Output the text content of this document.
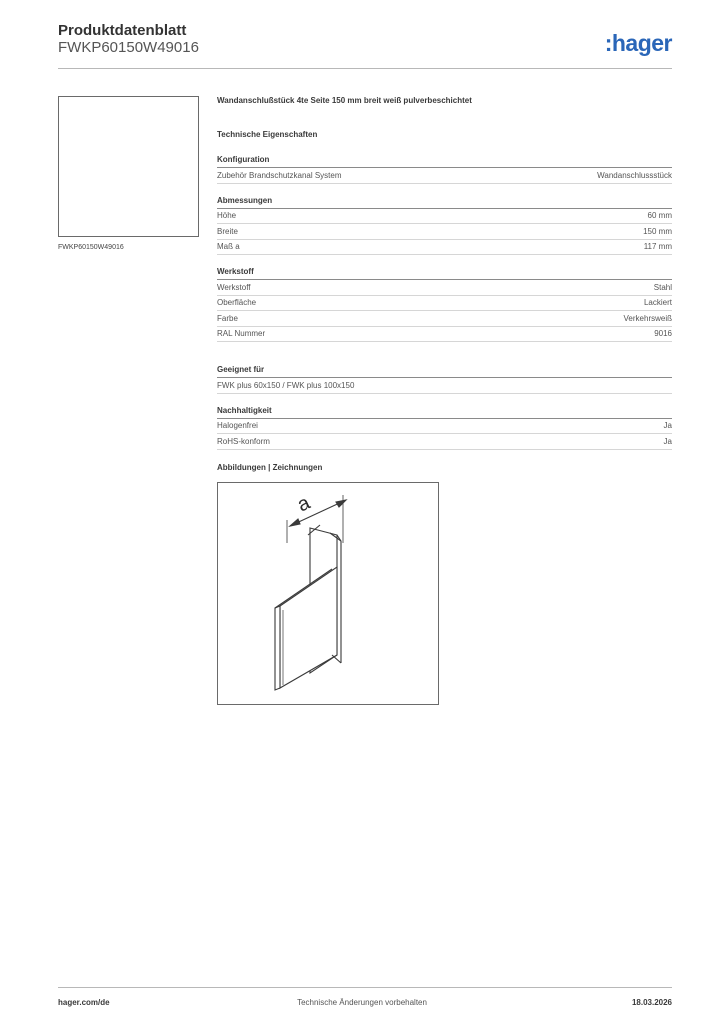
Produktdatenblatt
FWKP60150W49016	:hager
FWKP60150W49016
Wandanschlußstück 4te Seite 150 mm breit weiß pulverbeschichtet
Technische Eigenschaften
Konfiguration
Zubehör Brandschutzkanal System	Wandanschlussstück
Abmessungen
Höhe	60 mm
Breite	150 mm
Maß a	117 mm
Werkstoff
Werkstoff	Stahl
Oberfläche	Lackiert
Farbe	Verkehrsweiß
RAL Nummer	9016
Geeignet für
FWK plus 60x150 / FWK plus 100x150
Nachhaltigkeit
Halogenfrei	Ja
RoHS-konform	Ja
Abbildungen | Zeichnungen
a
hager.com/de	Technische Änderungen vorbehalten	18.03.2026
